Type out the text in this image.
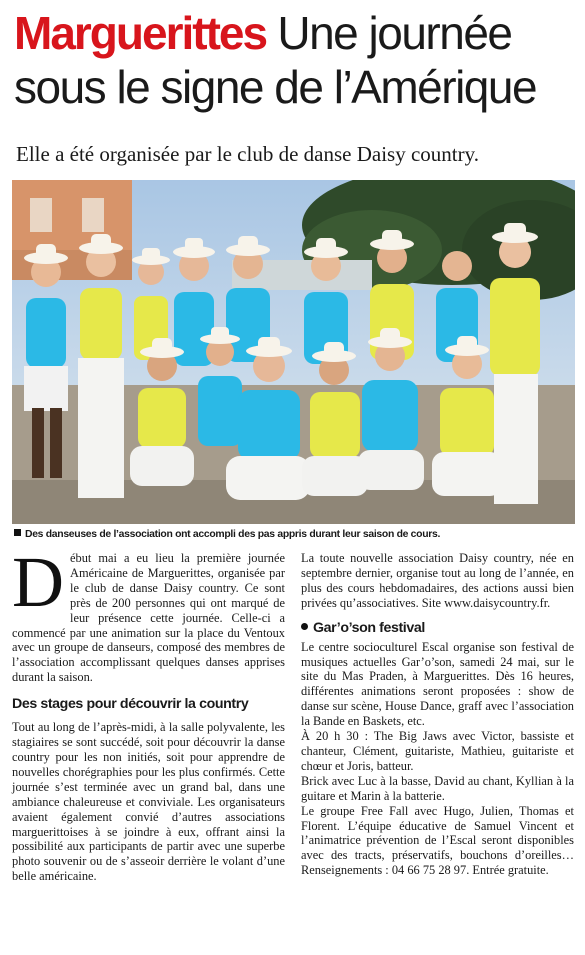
Marguerittes Une journée sous le signe de l’Amérique

Elle a été organisée par le club de danse Daisy country.

Des danseuses de l’association ont accompli des pas appris durant leur saison de cours.

Début mai a eu lieu la première journée Américaine de Marguerittes, organisée par le club de danse Daisy country. Ce sont près de 200 personnes qui ont marqué de leur présence cette journée. Celle-ci a commencé par une animation sur la place du Ventoux avec un groupe de danseurs, composé des membres de l’association accomplissant quelques danses apprises durant la saison.

Des stages pour découvrir la country

Tout au long de l’après-midi, à la salle polyvalente, les stagiaires se sont succédé, soit pour découvrir la danse country pour les non initiés, soit pour apprendre de nouvelles chorégraphies pour les plus confirmés. Cette journée s’est terminée avec un grand bal, dans une ambiance chaleureuse et conviviale. Les organisateurs avaient également convié d’autres associations marguerittoises à se joindre à eux, offrant ainsi la possibilité aux participants de partir avec une superbe photo souvenir ou de s’asseoir derrière le volant d’une belle américaine.

La toute nouvelle association Daisy country, née en septembre dernier, organise tout au long de l’année, en plus des cours hebdomadaires, des actions aussi bien privées qu’associatives. Site www.daisycountry.fr.

Gar’o’son festival

Le centre socioculturel Escal organise son festival de musiques actuelles Gar’o’son, samedi 24 mai, sur le site du Mas Praden, à Marguerittes. Dès 16 heures, différentes animations seront proposées : show de danse sur scène, House Dance, graff avec l’association la Bande en Baskets, etc.

À 20 h 30 : The Big Jaws avec Victor, bassiste et chanteur, Clément, guitariste, Mathieu, guitariste et chœur et Joris, batteur.

Brick avec Luc à la basse, David au chant, Kyllian à la guitare et Marin à la batterie.

Le groupe Free Fall avec Hugo, Julien, Thomas et Florent. L’équipe éducative de Samuel Vincent et l’animatrice prévention de l’Escal seront disponibles avec des tracts, préservatifs, bouchons d’oreilles… Renseignements : 04 66 75 28 97. Entrée gratuite.
